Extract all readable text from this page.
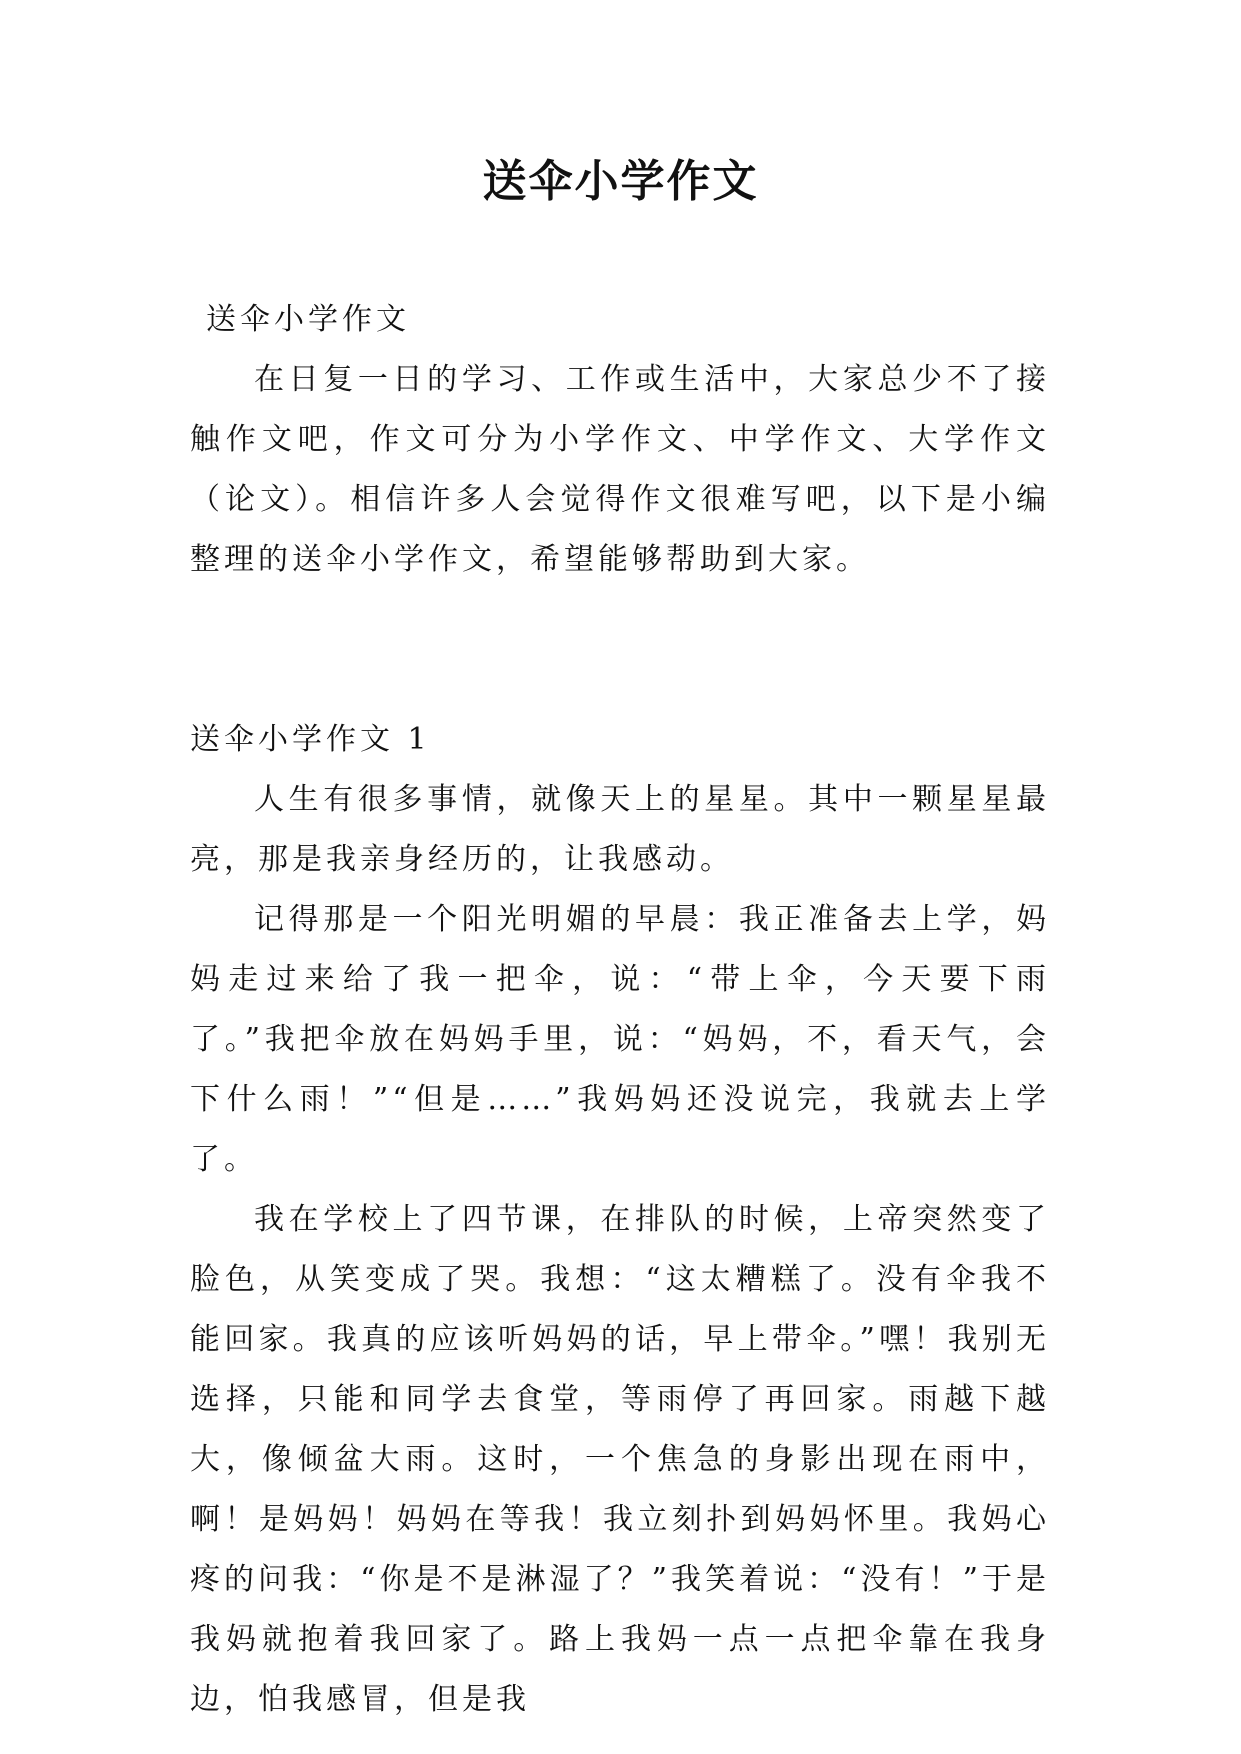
送伞小学作文
送伞小学作文

在日复一日的学习、工作或生活中，大家总少不了接触作文吧，作文可分为小学作文、中学作文、大学作文（论文）。相信许多人会觉得作文很难写吧，以下是小编整理的送伞小学作文，希望能够帮助到大家。

送伞小学作文 1

人生有很多事情，就像天上的星星。其中一颗星星最亮，那是我亲身经历的，让我感动。

记得那是一个阳光明媚的早晨：我正准备去上学，妈妈走过来给了我一把伞，说：“带上伞，今天要下雨了。”我把伞放在妈妈手里，说：“妈妈，不，看天气，会下什么雨！”“但是……”我妈妈还没说完，我就去上学了。

我在学校上了四节课，在排队的时候，上帝突然变了脸色，从笑变成了哭。我想：“这太糟糕了。没有伞我不能回家。我真的应该听妈妈的话，早上带伞。”嘿！我别无选择，只能和同学去食堂，等雨停了再回家。雨越下越大，像倾盆大雨。这时，一个焦急的身影出现在雨中，啊！是妈妈！妈妈在等我！我立刻扑到妈妈怀里。我妈心疼的问我：“你是不是淋湿了？”我笑着说：“没有！”于是我妈就抱着我回家了。路上我妈一点一点把伞靠在我身边，怕我感冒，但是我
